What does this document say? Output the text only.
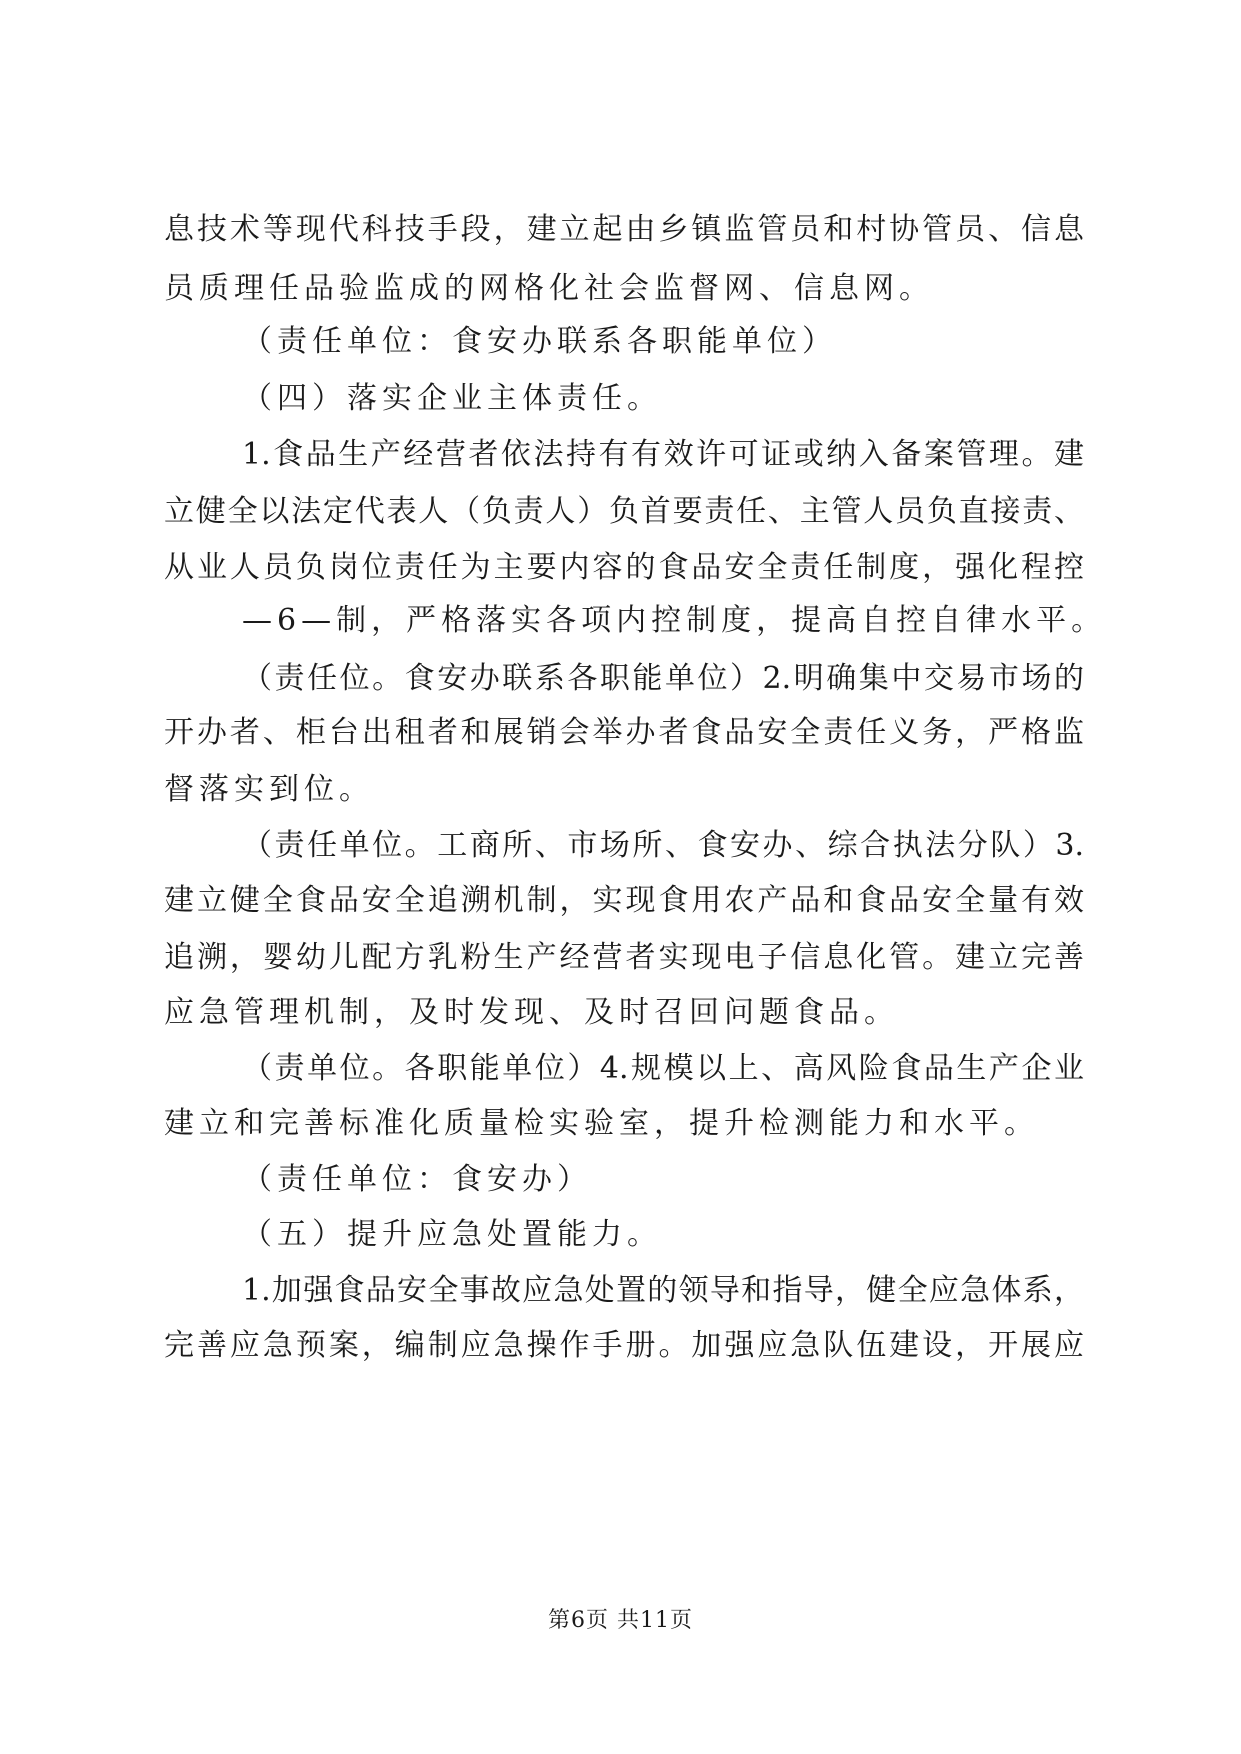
息技术等现代科技手段，建立起由乡镇监管员和村协管员、信息
员质理任品验监成的网格化社会监督网、信息网。
（责任单位：食安办联系各职能单位）
（四）落实企业主体责任。
1.食品生产经营者依法持有有效许可证或纳入备案管理。建
立健全以法定代表人（负责人）负首要责任、主管人员负直接责、
从业人员负岗位责任为主要内容的食品安全责任制度，强化程控
—6—制，严格落实各项内控制度，提高自控自律水平。
（责任位。食安办联系各职能单位）2.明确集中交易市场的
开办者、柜台出租者和展销会举办者食品安全责任义务，严格监
督落实到位。
（责任单位。工商所、市场所、食安办、综合执法分队）3.
建立健全食品安全追溯机制，实现食用农产品和食品安全量有效
追溯，婴幼儿配方乳粉生产经营者实现电子信息化管。建立完善
应急管理机制，及时发现、及时召回问题食品。
（责单位。各职能单位）4.规模以上、高风险食品生产企业
建立和完善标准化质量检实验室，提升检测能力和水平。
（责任单位：食安办）
（五）提升应急处置能力。
1.加强食品安全事故应急处置的领导和指导，健全应急体系，
完善应急预案，编制应急操作手册。加强应急队伍建设，开展应
第6页 共11页
